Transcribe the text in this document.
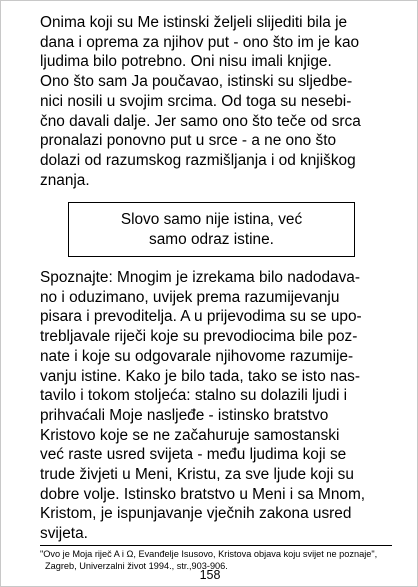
Onima koji su Me istinski željeli slijediti bila je
dana i oprema za njihov put - ono što im je kao
ljudima bilo potrebno. Oni nisu imali knjige.
Ono što sam Ja poučavao, istinski su sljedbe-
nici nosili u svojim srcima. Od toga su nesebi-
čno davali dalje. Jer samo ono što teče od srca
pronalazi ponovno put u srce - a ne ono što
dolazi od razumskog razmišljanja i od knjiškog
znanja.
Slovo samo nije istina, već
samo odraz istine.
Spoznajte: Mnogim je izrekama bilo nadodava-
no i oduzimano, uvijek prema razumijevanju
pisara i prevoditelja. A u prijevodima su se upo-
trebljavale riječi koje su prevodiocima bile poz-
nate i koje su odgovarale njihovome razumije-
vanju istine. Kako je bilo tada, tako se isto nas-
tavilo i tokom stoljeća: stalno su dolazili ljudi i
prihvaćali Moje nasljeđe - istinsko bratstvo
Kristovo koje se ne začahuruje samostanski
već raste usred svijeta - među ljudima koji se
trude živjeti u Meni, Kristu, za sve ljude koji su
dobre volje. Istinsko bratstvo u Meni i sa Mnom,
Kristom, je ispunjavanje vječnih zakona usred
svijeta.
"Ovo je Moja riječ A i Ω, Evanđelje Isusovo, Kristova objava koju svijet ne poznaje",
Zagreb, Univerzalni život 1994., str.,903-906.
158
